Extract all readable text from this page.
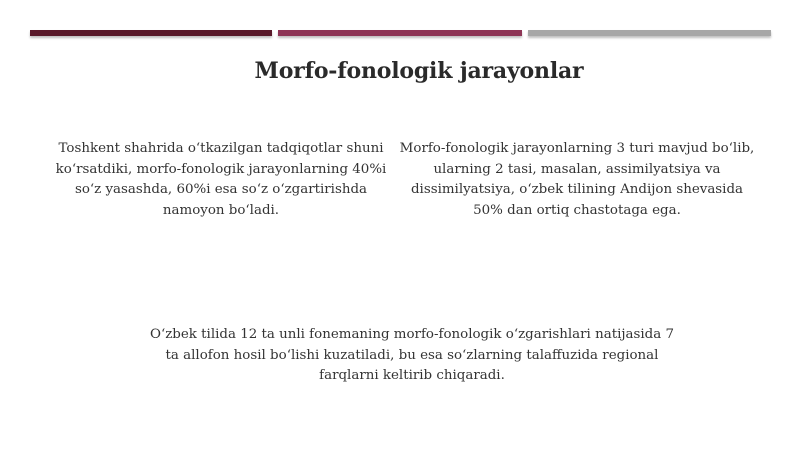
Morfo-fonologik jarayonlar
Toshkent shahrida o‘tkazilgan tadqiqotlar shuni ko‘rsatdiki, morfo-fonologik jarayonlarning 40%i so‘z yasashda, 60%i esa so‘z o‘zgartirishda namoyon bo‘ladi.
Morfo-fonologik jarayonlarning 3 turi mavjud bo‘lib, ularning 2 tasi, masalan, assimilyatsiya va dissimilyatsiya, o‘zbek tilining Andijon shevasida 50% dan ortiq chastotaga ega.
O‘zbek tilida 12 ta unli fonemaning morfo-fonologik o‘zgarishlari natijasida 7 ta allofon hosil bo‘lishi kuzatiladi, bu esa so‘zlarning talaffuzida regional farqlarni keltirib chiqaradi.
